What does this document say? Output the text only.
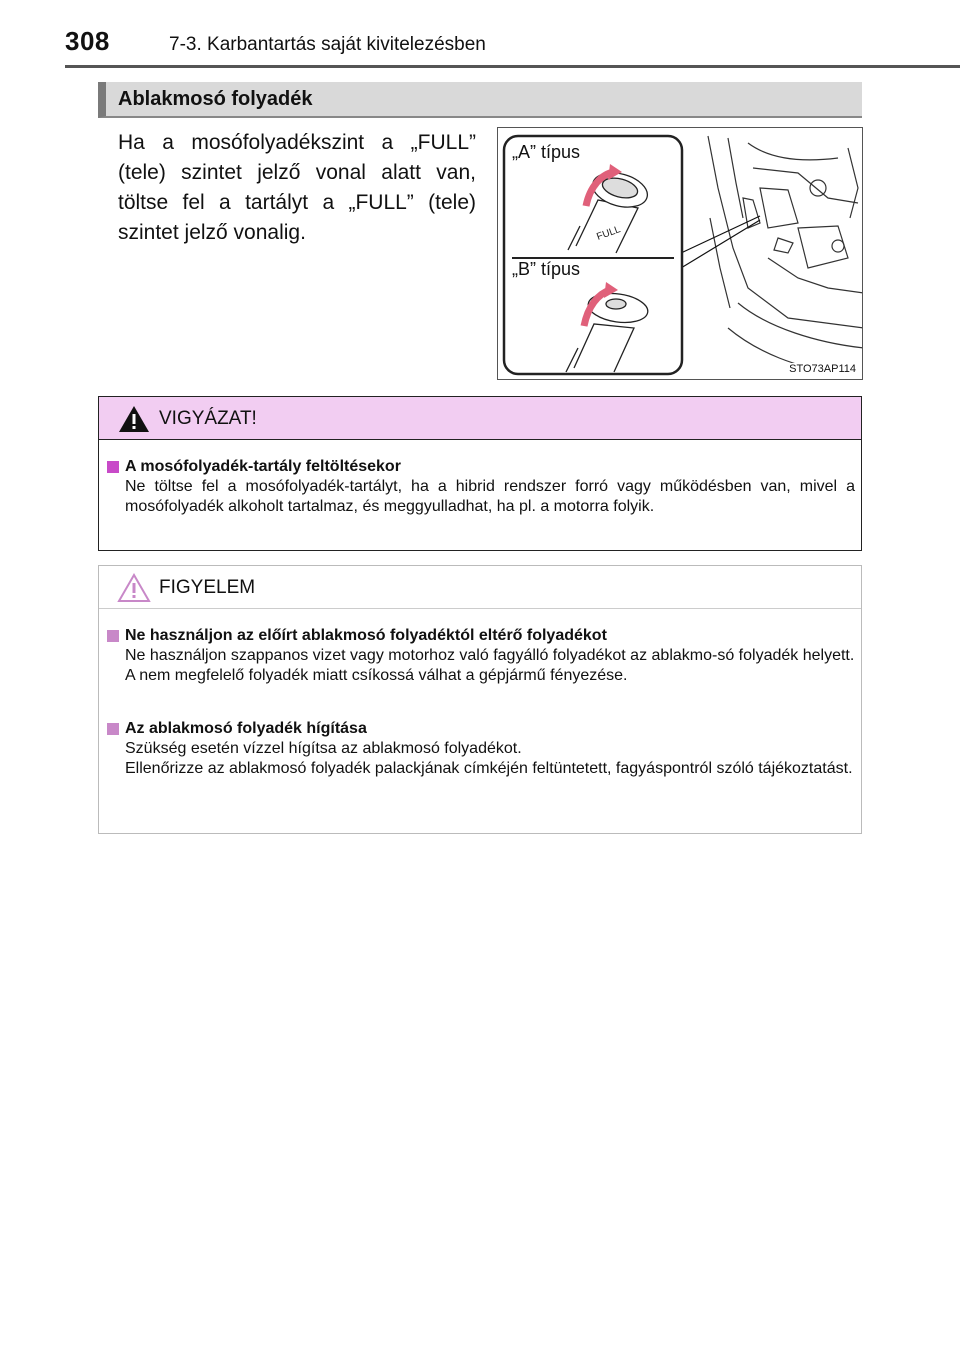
308	7-3. Karbantartás saját kivitelezésben
Ablakmosó folyadék
Ha a mosófolyadékszint a „FULL” (tele) szintet jelző vonal alatt van, töltse fel a tartályt a „FULL” (tele) szintet jelző vonalig.	FULL
„A” típus
„B” típus
STO73AP114
VIGYÁZAT!
A mosófolyadék-tartály feltöltésekor

Ne töltse fel a mosófolyadék-tartályt, ha a hibrid rendszer forró vagy működésben van, mivel a mosófolyadék alkoholt tartalmaz, és meggyulladhat, ha pl. a motorra folyik.

FIGYELEM
Ne használjon az előírt ablakmosó folyadéktól eltérő folyadékot

Ne használjon szappanos vizet vagy motorhoz való fagyálló folyadékot az ablakmo-só folyadék helyett.

A nem megfelelő folyadék miatt csíkossá válhat a gépjármű fényezése.

Az ablakmosó folyadék hígítása

Szükség esetén vízzel hígítsa az ablakmosó folyadékot.

Ellenőrizze az ablakmosó folyadék palackjának címkéjén feltüntetett, fagyáspontról szóló tájékoztatást.
